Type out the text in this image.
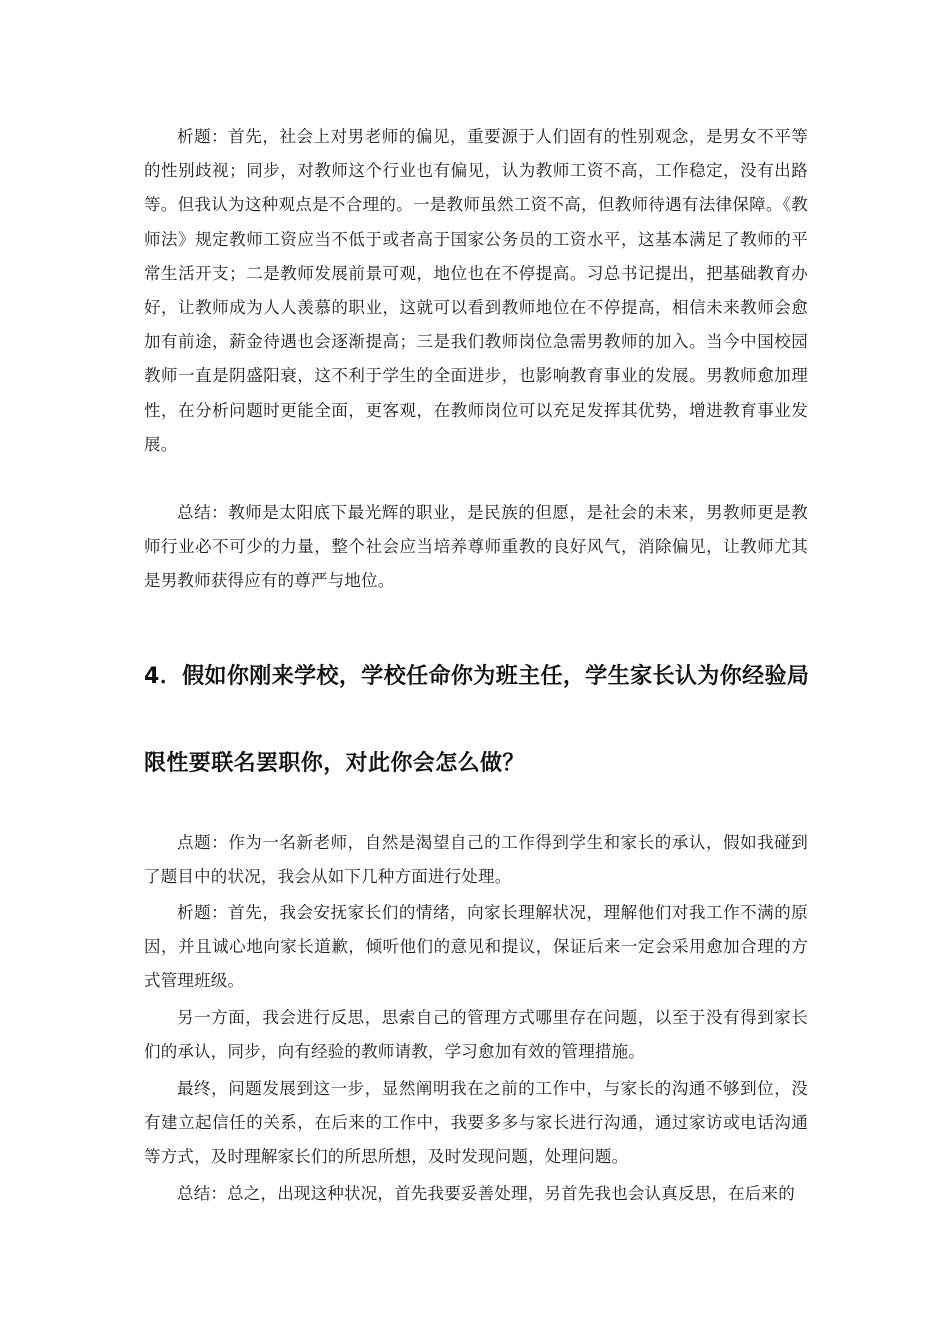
析题：首先，社会上对男老师的偏见，重要源于人们固有的性别观念，是男女不平等的性别歧视；同步，对教师这个行业也有偏见，认为教师工资不高，工作稳定，没有出路等。但我认为这种观点是不合理的。一是教师虽然工资不高，但教师待遇有法律保障。《教师法》规定教师工资应当不低于或者高于国家公务员的工资水平，这基本满足了教师的平常生活开支；二是教师发展前景可观，地位也在不停提高。习总书记提出，把基础教育办好，让教师成为人人羡慕的职业，这就可以看到教师地位在不停提高，相信未来教师会愈加有前途，薪金待遇也会逐渐提高；三是我们教师岗位急需男教师的加入。当今中国校园教师一直是阴盛阳衰，这不利于学生的全面进步，也影响教育事业的发展。男教师愈加理性，在分析问题时更能全面，更客观，在教师岗位可以充足发挥其优势，增进教育事业发展。

总结：教师是太阳底下最光辉的职业，是民族的但愿，是社会的未来，男教师更是教师行业必不可少的力量，整个社会应当培养尊师重教的良好风气，消除偏见，让教师尤其是男教师获得应有的尊严与地位。

4．假如你刚来学校，学校任命你为班主任，学生家长认为你经验局限性要联名罢职你，对此你会怎么做？

点题：作为一名新老师，自然是渴望自己的工作得到学生和家长的承认，假如我碰到了题目中的状况，我会从如下几种方面进行处理。

析题：首先，我会安抚家长们的情绪，向家长理解状况，理解他们对我工作不满的原因，并且诚心地向家长道歉，倾听他们的意见和提议，保证后来一定会采用愈加合理的方式管理班级。

另一方面，我会进行反思，思索自己的管理方式哪里存在问题，以至于没有得到家长们的承认，同步，向有经验的教师请教，学习愈加有效的管理措施。

最终，问题发展到这一步，显然阐明我在之前的工作中，与家长的沟通不够到位，没有建立起信任的关系，在后来的工作中，我要多多与家长进行沟通，通过家访或电话沟通等方式，及时理解家长们的所思所想，及时发现问题，处理问题。

总结：总之，出现这种状况，首先我要妥善处理，另首先我也会认真反思，在后来的
